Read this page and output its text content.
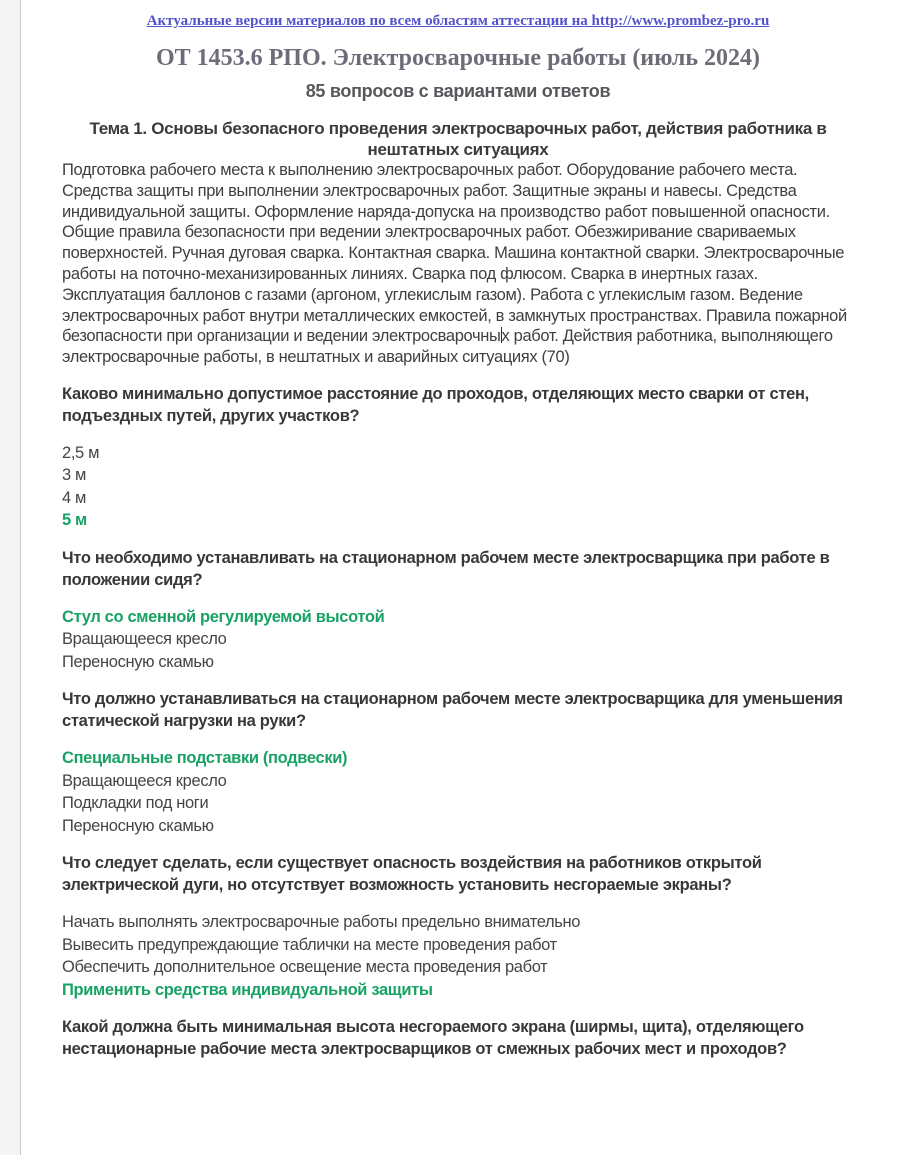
Актуальные версии материалов по всем областям аттестации на http://www.prombez-pro.ru
ОТ 1453.6 РПО. Электросварочные работы (июль 2024)
85 вопросов с вариантами ответов
Тема 1. Основы безопасного проведения электросварочных работ, действия работника в нештатных ситуациях

Подготовка рабочего места к выполнению электросварочных работ. Оборудование рабочего места. Средства защиты при выполнении электросварочных работ. Защитные экраны и навесы. Средства индивидуальной защиты. Оформление наряда-допуска на производство работ повышенной опасности. Общие правила безопасности при ведении электросварочных работ. Обезжиривание свариваемых поверхностей. Ручная дуговая сварка. Контактная сварка. Машина контактной сварки. Электросварочные работы на поточно-механизированных линиях. Сварка под флюсом. Сварка в инертных газах. Эксплуатация баллонов с газами (аргоном, углекислым газом). Работа с углекислым газом. Ведение электросварочных работ внутри металлических емкостей, в замкнутых пространствах. Правила пожарной безопасности при организации и ведении электросварочных работ. Действия работника, выполняющего электросварочные работы, в нештатных и аварийных ситуациях (70)

Каково минимально допустимое расстояние до проходов, отделяющих место сварки от стен, подъездных путей, других участков?
2,5 м
3 м
4 м
5 м
Что необходимо устанавливать на стационарном рабочем месте электросварщика при работе в положении сидя?
Стул со сменной регулируемой высотой
Вращающееся кресло
Переносную скамью
Что должно устанавливаться на стационарном рабочем месте электросварщика для уменьшения статической нагрузки на руки?
Специальные подставки (подвески)
Вращающееся кресло
Подкладки под ноги
Переносную скамью
Что следует сделать, если существует опасность воздействия на работников открытой электрической дуги, но отсутствует возможность установить несгораемые экраны?
Начать выполнять электросварочные работы предельно внимательно
Вывесить предупреждающие таблички на месте проведения работ
Обеспечить дополнительное освещение места проведения работ
Применить средства индивидуальной защиты
Какой должна быть минимальная высота несгораемого экрана (ширмы, щита), отделяющего нестационарные рабочие места электросварщиков от смежных рабочих мест и проходов?
